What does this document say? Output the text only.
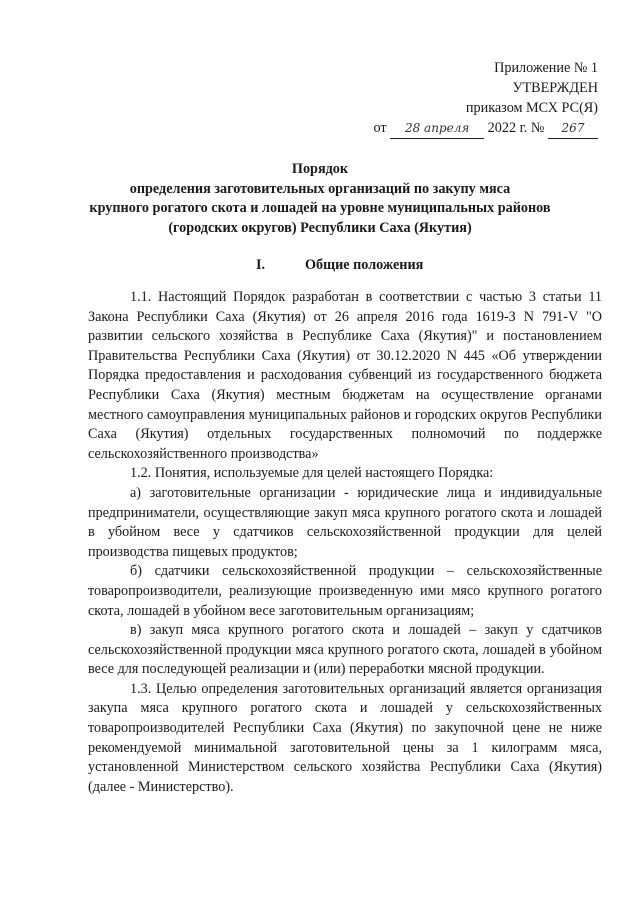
Приложение № 1
УТВЕРЖДЕН
приказом МСХ РС(Я)
от 28 апреля 2022 г. № 267
Порядок
определения заготовительных организаций по закупу мяса
крупного рогатого скота и лошадей на уровне муниципальных районов
(городских округов) Республики Саха (Якутия)
I.	Общие положения

1.1. Настоящий Порядок разработан в соответствии с частью 3 статьи 11 Закона Республики Саха (Якутия) от 26 апреля 2016 года 1619-З N 791-V "О развитии сельского хозяйства в Республике Саха (Якутия)" и постановлением Правительства Республики Саха (Якутия) от 30.12.2020 N 445 «Об утверждении Порядка предоставления и расходования субвенций из государственного бюджета Республики Саха (Якутия) местным бюджетам на осуществление органами местного самоуправления муниципальных районов и городских округов Республики Саха (Якутия) отдельных государственных полномочий по поддержке сельскохозяйственного производства»

1.2. Понятия, используемые для целей настоящего Порядка:

а) заготовительные организации - юридические лица и индивидуальные предприниматели, осуществляющие закуп мяса крупного рогатого скота и лошадей в убойном весе у сдатчиков сельскохозяйственной продукции для целей производства пищевых продуктов;

б) сдатчики сельскохозяйственной продукции – сельскохозяйственные товаропроизводители, реализующие произведенную ими мясо крупного рогатого скота, лошадей в убойном весе заготовительным организациям;

в) закуп мяса крупного рогатого скота и лошадей – закуп у сдатчиков сельскохозяйственной продукции мяса крупного рогатого скота, лошадей в убойном весе для последующей реализации и (или) переработки мясной продукции.

1.3. Целью определения заготовительных организаций является организация закупа мяса крупного рогатого скота и лошадей у сельскохозяйственных товаропроизводителей Республики Саха (Якутия) по закупочной цене не ниже рекомендуемой минимальной заготовительной цены за 1 килограмм мяса, установленной Министерством сельского хозяйства Республики Саха (Якутия) (далее - Министерство).
